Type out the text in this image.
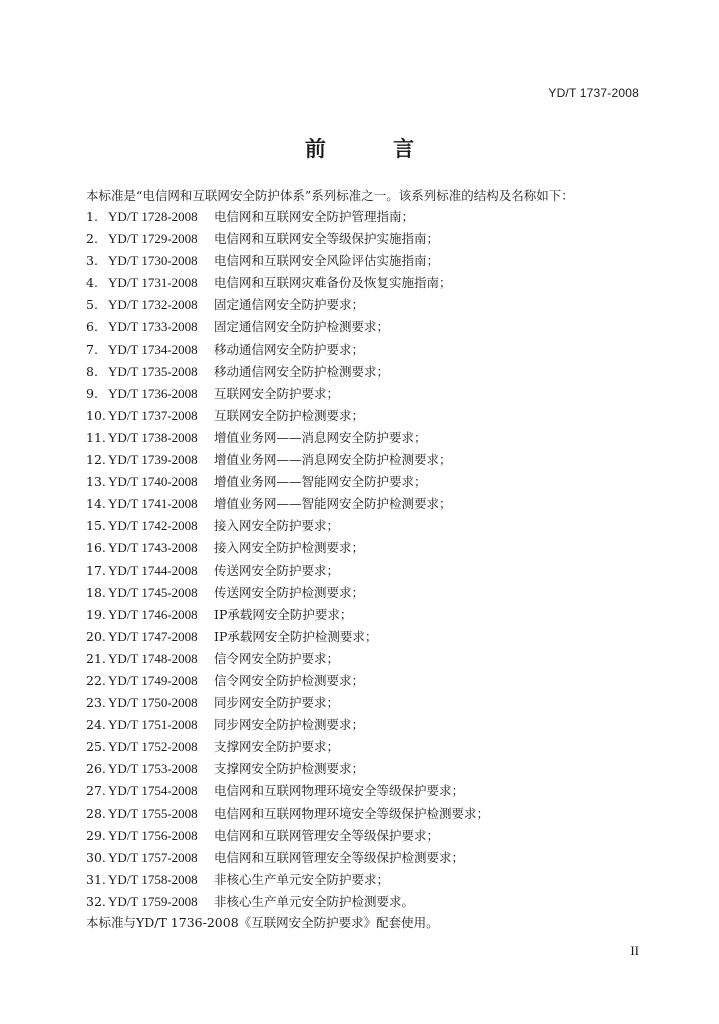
YD/T 1737-2008
前 言
本标准是“电信网和互联网安全防护体系”系列标准之一。该系列标准的结构及名称如下：
1. YD/T 1728-2008	电信网和互联网安全防护管理指南；
2. YD/T 1729-2008	电信网和互联网安全等级保护实施指南；
3. YD/T 1730-2008	电信网和互联网安全风险评估实施指南；
4. YD/T 1731-2008	电信网和互联网灾难备份及恢复实施指南；
5. YD/T 1732-2008	固定通信网安全防护要求；
6. YD/T 1733-2008	固定通信网安全防护检测要求；
7. YD/T 1734-2008	移动通信网安全防护要求；
8. YD/T 1735-2008	移动通信网安全防护检测要求；
9. YD/T 1736-2008	互联网安全防护要求；
10. YD/T 1737-2008	互联网安全防护检测要求；
11. YD/T 1738-2008	增值业务网——消息网安全防护要求；
12. YD/T 1739-2008	增值业务网——消息网安全防护检测要求；
13. YD/T 1740-2008	增值业务网——智能网安全防护要求；
14. YD/T 1741-2008	增值业务网——智能网安全防护检测要求；
15. YD/T 1742-2008	接入网安全防护要求；
16. YD/T 1743-2008	接入网安全防护检测要求；
17. YD/T 1744-2008	传送网安全防护要求；
18. YD/T 1745-2008	传送网安全防护检测要求；
19. YD/T 1746-2008	IP承载网安全防护要求；
20. YD/T 1747-2008	IP承载网安全防护检测要求；
21. YD/T 1748-2008	信令网安全防护要求；
22. YD/T 1749-2008	信令网安全防护检测要求；
23. YD/T 1750-2008	同步网安全防护要求；
24. YD/T 1751-2008	同步网安全防护检测要求；
25. YD/T 1752-2008	支撑网安全防护要求；
26. YD/T 1753-2008	支撑网安全防护检测要求；
27. YD/T 1754-2008	电信网和互联网物理环境安全等级保护要求；
28. YD/T 1755-2008	电信网和互联网物理环境安全等级保护检测要求；
29. YD/T 1756-2008	电信网和互联网管理安全等级保护要求；
30. YD/T 1757-2008	电信网和互联网管理安全等级保护检测要求；
31. YD/T 1758-2008	非核心生产单元安全防护要求；
32. YD/T 1759-2008	非核心生产单元安全防护检测要求。
本标准与YD/T 1736-2008《互联网安全防护要求》配套使用。
II
